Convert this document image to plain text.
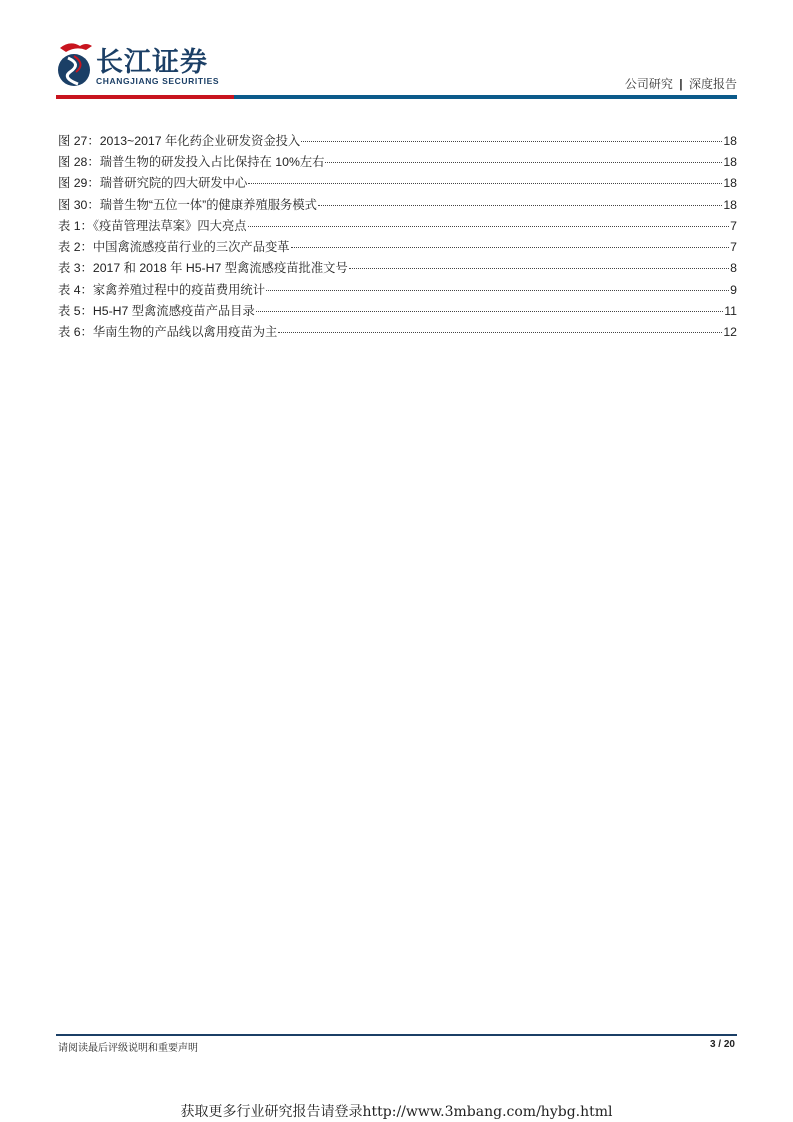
长江证券
CHANGJIANG SECURITIES	公司研究 | 深度报告
图 27：2013~2017 年化药企业研发资金投入	18
图 28：瑞普生物的研发投入占比保持在 10%左右	18
图 29：瑞普研究院的四大研发中心	18
图 30：瑞普生物“五位一体”的健康养殖服务模式	18
表 1：《疫苗管理法草案》四大亮点	7
表 2：中国禽流感疫苗行业的三次产品变革	7
表 3：2017 和 2018 年 H5-H7 型禽流感疫苗批准文号	8
表 4：家禽养殖过程中的疫苗费用统计	9
表 5：H5-H7 型禽流感疫苗产品目录	11
表 6：华南生物的产品线以禽用疫苗为主	12
请阅读最后评级说明和重要声明	3 / 20
获取更多行业研究报告请登录http://www.3mbang.com/hybg.html
